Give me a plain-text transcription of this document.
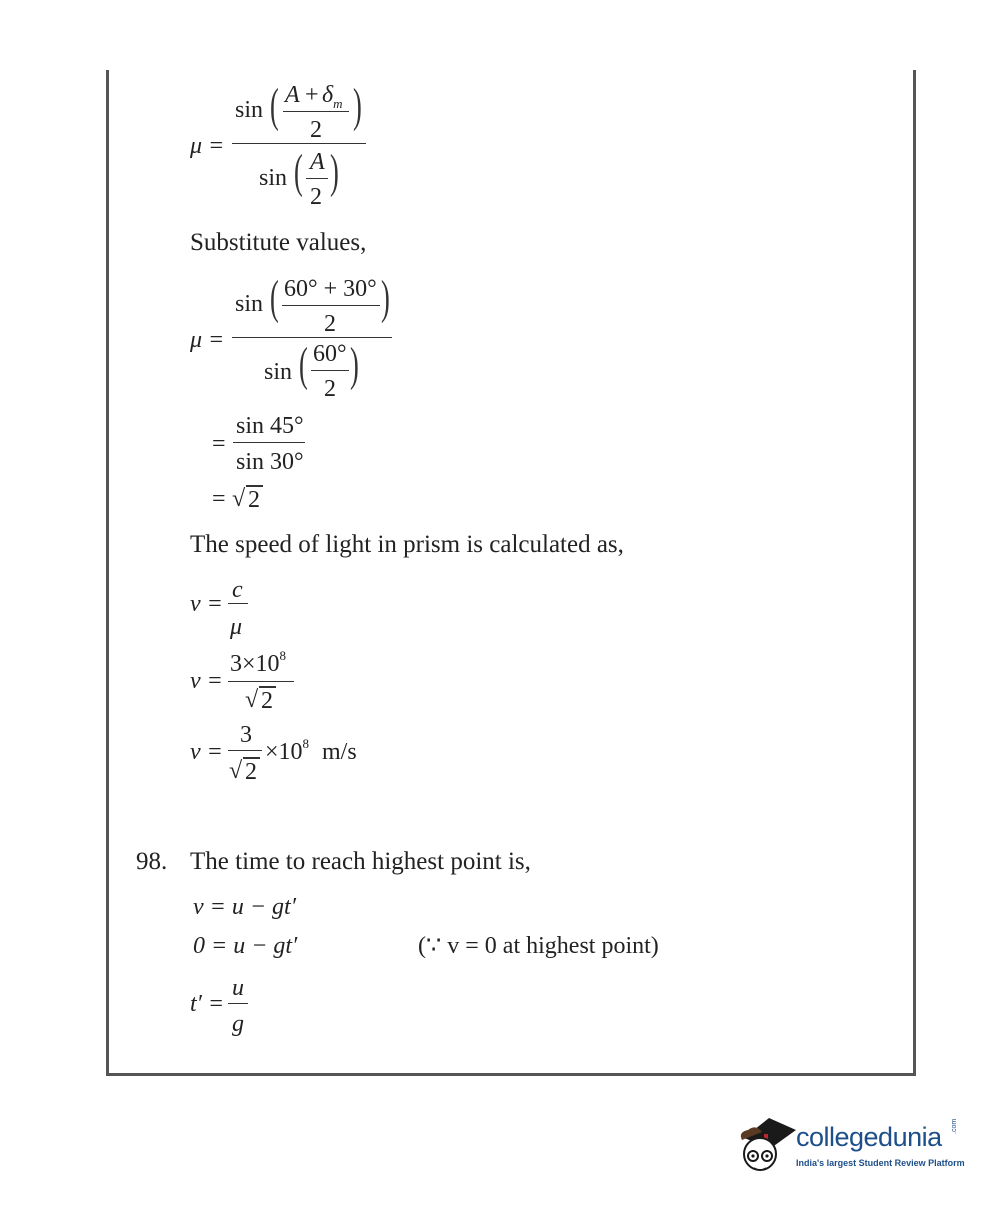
μ =
sin ( $A + \delta_m$
2 )
sin ( A
2 )
Substitute values,
μ =
sin ( 60° + 30°
2 )
sin ( 60°
2 )
=
sin 45°
sin 30°
= √ 2
The speed of light in prism is calculated as,
v =
c
μ
v =
$3\times 10^8$
√ 2
v =
3
√ 2
$\times 10^8$ m/s
98. The time to reach highest point is,
v = u − gt′
0 = u − gt′	(∵ v = 0 at highest point)
t′ =
u
g
collegedunia .com
India's largest Student Review Platform
